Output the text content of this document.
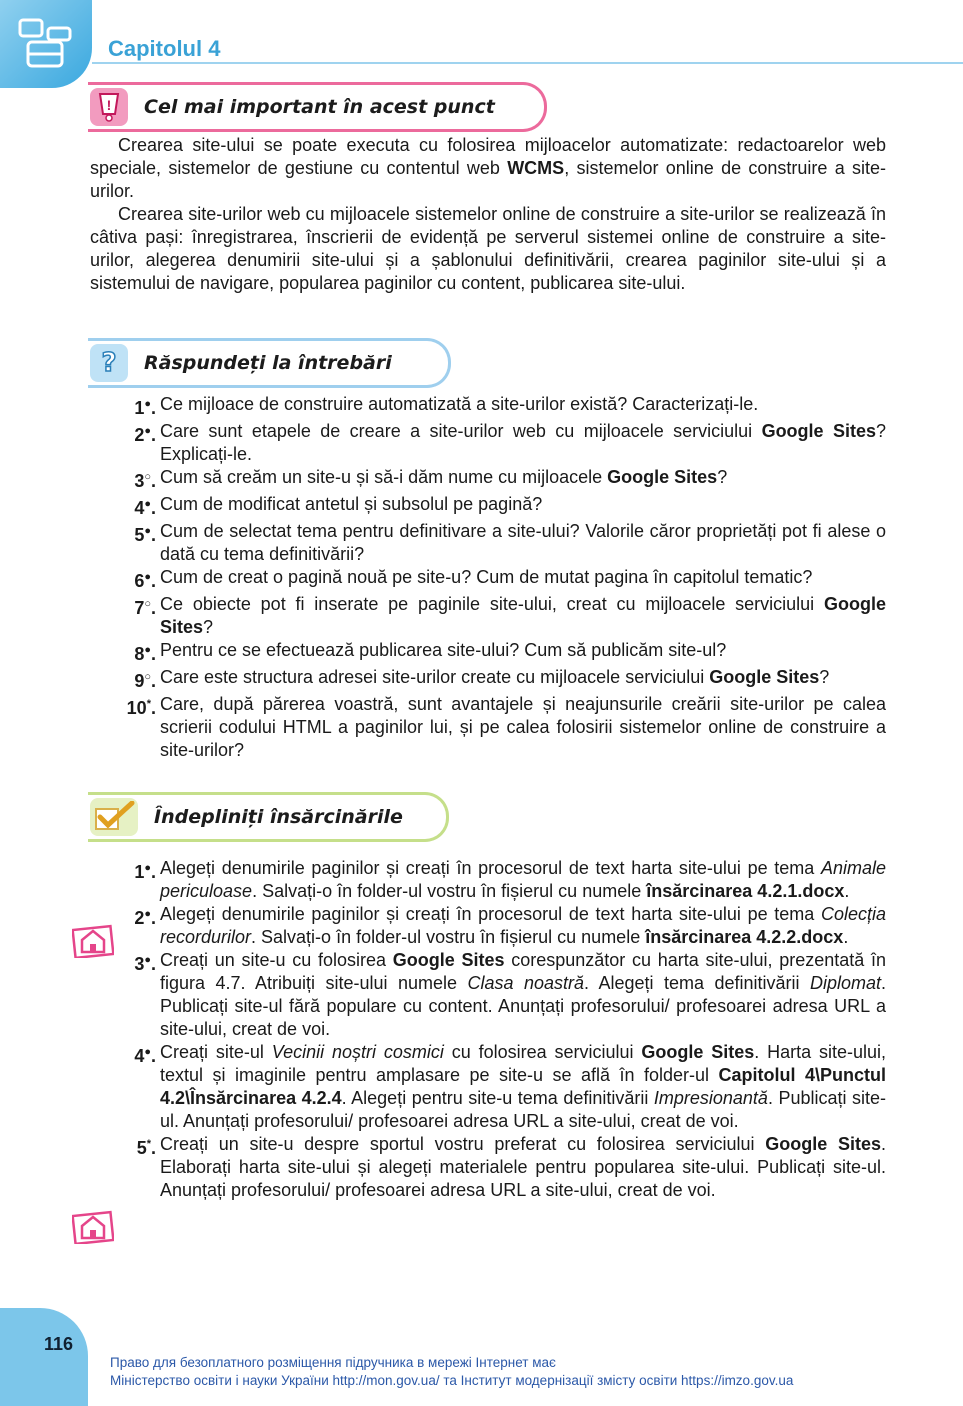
Capitolul 4
! Cel mai important în acest punct

Crearea site-ului se poate executa cu folosirea mijloacelor automatizate: redactoarelor web speciale, sistemelor de gestiune cu contentul web WCMS, sistemelor online de construire a site-urilor.

Crearea site-urilor web cu mijloacele sistemelor online de construire a site-urilor se realizează în câtiva pași: înregistrarea, înscrierii de evidență pe serverul sistemei online de construire a site-urilor, alegerea denumirii site-ului și a șablonului definitivării, crearea paginilor site-ului și a sistemului de navigare, popularea paginilor cu content, publicarea site-ului.

? Răspundeți la întrebări
1●. Ce mijloace de construire automatizată a site-urilor există? Caracterizați-le.
2●. Care sunt etapele de creare a site-urilor web cu mijloacele serviciului Google Sites? Explicați-le.
3○. Cum să creăm un site-u și să-i dăm nume cu mijloacele Google Sites?
4●. Cum de modificat antetul și subsolul pe pagină?
5●. Cum de selectat tema pentru definitivare a site-ului? Valorile căror proprietăți pot fi alese o dată cu tema definitivării?
6●. Cum de creat o pagină nouă pe site-u? Cum de mutat pagina în capitolul tematic?
7○. Ce obiecte pot fi inserate pe paginile site-ului, creat cu mijloacele serviciului Google Sites?
8●. Pentru ce se efectuează publicarea site-ului? Cum să publicăm site-ul?
9○. Care este structura adresei site-urilor create cu mijloacele serviciului Google Sites?
10*. Care, după părerea voastră, sunt avantajele și neajunsurile creării site-urilor pe calea scrierii codului HTML a paginilor lui, și pe calea folosirii sistemelor online de construire a site-urilor?
Îndepliniți însărcinările
1●. Alegeți denumirile paginilor și creați în procesorul de text harta site-ului pe tema Animale periculoase. Salvați-o în folder-ul vostru în fișierul cu numele însărcinarea 4.2.1.docx.
2●. Alegeți denumirile paginilor și creați în procesorul de text harta site-ului pe tema Colecția recordurilor. Salvați-o în folder-ul vostru în fișierul cu numele însărcinarea 4.2.2.docx.
3●. Creați un site-u cu folosirea Google Sites corespunzător cu harta site-ului, prezentată în figura 4.7. Atribuiți site-ului numele Clasa noastră. Alegeți tema definitivării Diplomat. Publicați site-ul fără populare cu content. Anunțați profesorului/ profesoarei adresa URL a site-ului, creat de voi.
4●. Creați site-ul Vecinii noștri cosmici cu folosirea serviciului Google Sites. Harta site-ului, textul și imaginile pentru amplasare pe site-u se află în folder-ul Capitolul 4\Punctul 4.2\Însărcinarea 4.2.4. Alegeți pentru site-u tema definitivării Impresionantă. Publicați site-ul. Anunțați profesorului/ profesoarei adresa URL a site-ului, creat de voi.
5*. Creați un site-u despre sportul vostru preferat cu folosirea serviciului Google Sites. Elaborați harta site-ului și alegeți materialele pentru popularea site-ului. Publicați site-ul. Anunțați profesorului/ profesoarei adresa URL a site-ului, creat de voi.
116
Право для безоплатного розміщення підручника в мережі Інтернет має
Міністерство освіти і науки України http://mon.gov.ua/ та Інститут модернізації змісту освіти https://imzo.gov.ua
